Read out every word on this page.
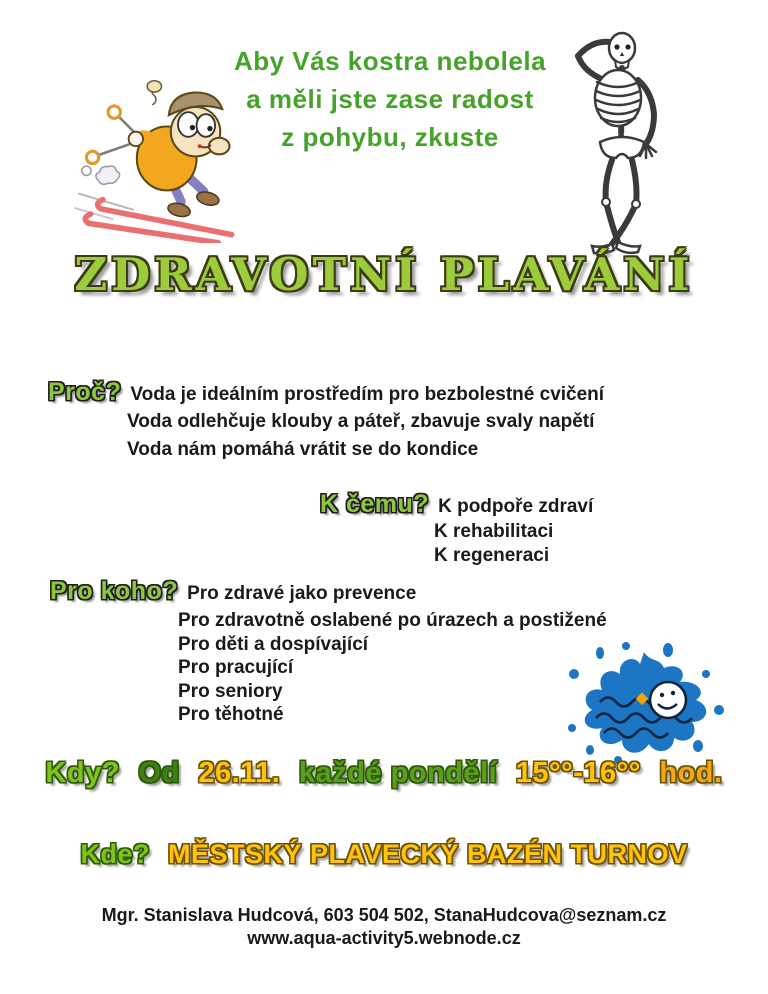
Aby Vás kostra nebolela
a měli jste zase radost
z pohybu, zkuste
ZDRAVOTNÍ PLAVÁNÍ
Proč? Voda je ideálním prostředím pro bezbolestné cvičení
Voda odlehčuje klouby a páteř, zbavuje svaly napětí
Voda nám pomáhá vrátit se do kondice
K čemu? K podpoře zdraví
K rehabilitaci
K regeneraci
Pro koho? Pro zdravé jako prevence
Pro zdravotně oslabené po úrazech a postižené
Pro děti a dospívající
Pro pracující
Pro seniory
Pro těhotné
Kdy? Od 26.11. každé pondělí 15°°-16°° hod.
Kde? MĚSTSKÝ PLAVECKÝ BAZÉN TURNOV
Mgr. Stanislava Hudcová, 603 504 502, StanaHudcova@seznam.cz
www.aqua-activity5.webnode.cz
